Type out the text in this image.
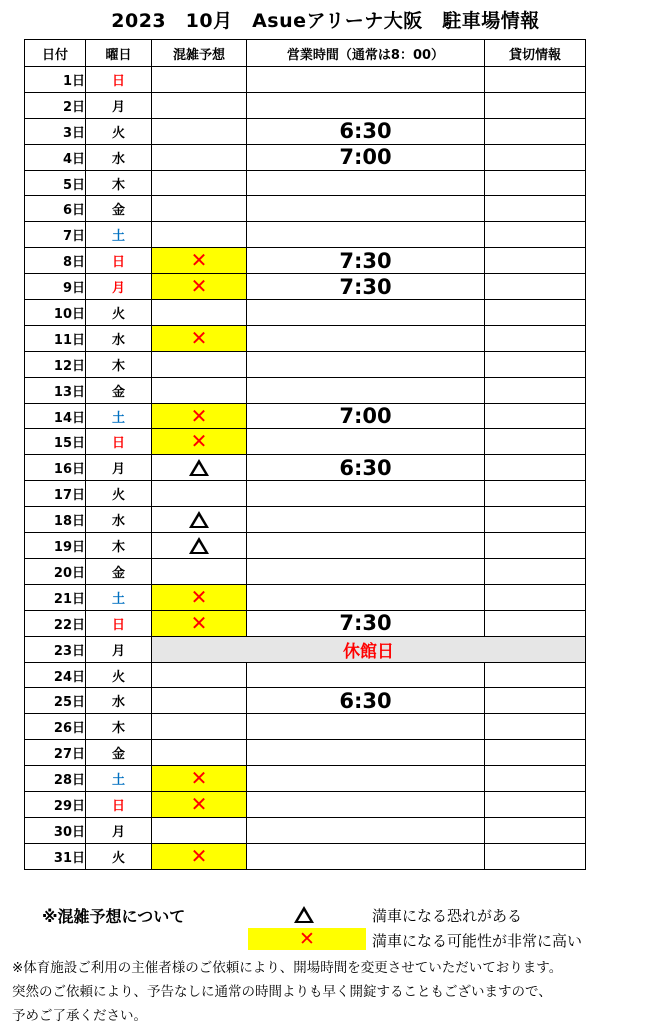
2023　10月　Asueアリーナ大阪　駐車場情報
日付	曜日	混雑予想	営業時間（通常は8：00）	貸切情報
1日	日			
2日	月			
3日	火		6:30	
4日	水		7:00	
5日	木			
6日	金			
7日	土			
8日	日	✕	7:30	
9日	月	✕	7:30	
10日	火			
11日	水	✕		
12日	木			
13日	金			
14日	土	✕	7:00	
15日	日	✕		
16日	月		6:30	
17日	火			
18日	水			
19日	木			
20日	金			
21日	土	✕		
22日	日	✕	7:30	
23日	月	休館日		
24日	火			
25日	水		6:30	
26日	木			
27日	金			
28日	土	✕		
29日	日	✕		
30日	月			
31日	火	✕		
※混雑予想について	満車になる恐れがある
✕	満車になる可能性が非常に高い
※体育施設ご利用の主催者様のご依頼により、開場時間を変更させていただいております。
突然のご依頼により、予告なしに通常の時間よりも早く開錠することもございますので、
予めご了承ください。
